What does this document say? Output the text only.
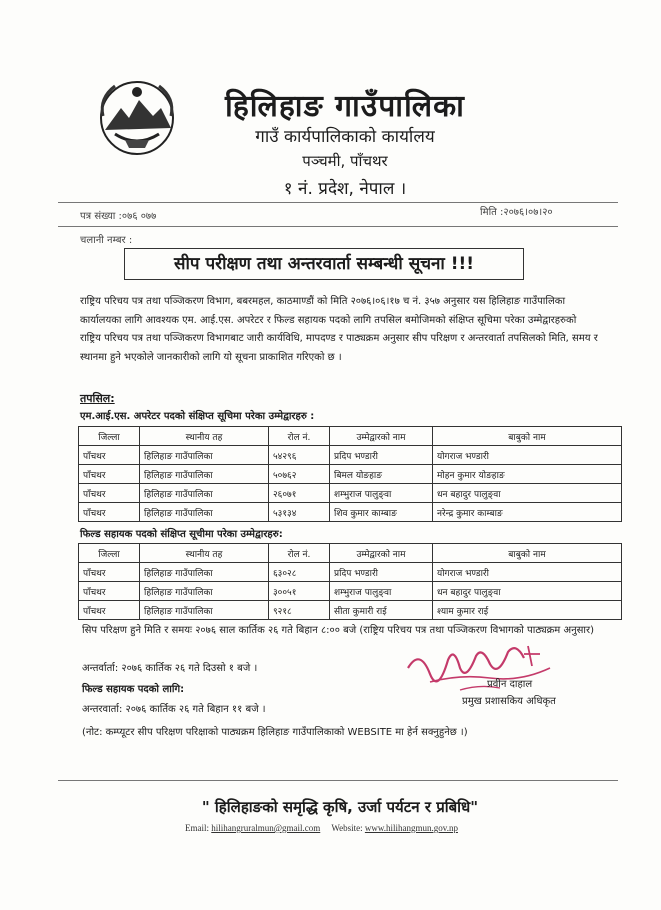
हिलिहाङ गाउँपालिका
गाउँ कार्यपालिकाको कार्यालय
पञ्चमी, पाँचथर
१ नं. प्रदेश, नेपाल ।
पत्र संख्या :०७६ ०७७
चलानी नम्बर :
मिति :२०७६।०७।२०
सीप परीक्षण तथा अन्तरवार्ता सम्बन्धी सूचना !!!
राष्ट्रिय परिचय पत्र तथा पञ्जिकरण विभाग, बबरमहल, काठमाण्डौं को मिति २०७६।०६।१७ च नं. ३५७ अनुसार यस हिलिहाङ गाउँपालिका कार्यालयका लागि आवश्यक एम. आई.एस. अपरेटर र फिल्ड सहायक पदको लागि तपसिल बमोजिमको संक्षिप्त सूचिमा परेका उम्मेद्वारहरुको राष्ट्रिय परिचय पत्र तथा पञ्जिकरण विभागबाट जारी कार्यविधि, मापदण्ड र पाठ्यक्रम अनुसार सीप परिक्षण र अन्तरवार्ता तपसिलको मिति, समय र स्थानमा हुने भएकोले जानकारीको लागि यो सूचना प्राकाशित गरिएको छ ।
तपसिल:
एम.आई.एस. अपरेटर पदको संक्षिप्त सूचिमा परेका उम्मेद्वारहरु :
जिल्ला	स्थानीय तह	रोल नं.	उम्मेद्वारको नाम	बाबुको नाम
पाँचथर	हिलिहाङ गाउँपालिका	५४२९६	प्रदिप भण्डारी	योगराज भण्डारी
पाँचथर	हिलिहाङ गाउँपालिका	५०७६२	बिमल योङहाङ	मोहन कुमार योङहाङ
पाँचथर	हिलिहाङ गाउँपालिका	२६०७१	शम्भुराज पालुङ्वा	धन बहादुर पालुङ्वा
पाँचथर	हिलिहाङ गाउँपालिका	५३१३४	शिव कुमार काम्बाङ	नरेन्द्र कुमार काम्बाङ
फिल्ड सहायक पदको संक्षिप्त सूचीमा परेका उम्मेद्वारहरु:
जिल्ला	स्थानीय तह	रोल नं.	उम्मेद्वारको नाम	बाबुको नाम
पाँचथर	हिलिहाङ गाउँपालिका	६३०२८	प्रदिप भण्डारी	योगराज भण्डारी
पाँचथर	हिलिहाङ गाउँपालिका	३००५१	शम्भुराज पालुङ्वा	धन बहादुर पालुङ्वा
पाँचथर	हिलिहाङ गाउँपालिका	९२१८	सीता कुमारी राई	श्याम कुमार राई
सिप परिक्षण हुने मिति र समयः २०७६ साल कार्तिक २६ गते बिहान ८:०० बजे (राष्ट्रिय परिचय पत्र तथा पञ्जिकरण विभागको पाठ्यक्रम अनुसार)
अन्तर्वार्ता: २०७६ कार्तिक २६ गते दिउसो १ बजे ।
फिल्ड सहायक पदको लागि:
अन्तरवार्ता: २०७६ कार्तिक २६ गते बिहान ११ बजे ।
(नोट: कम्प्यूटर सीप परिक्षण परिक्षाको पाठ्यक्रम हिलिहाङ गाउँपालिकाको WEBSITE मा हेर्न सक्नुहुनेछ ।)
प्रवीन दाहाल
प्रमुख प्रशासकिय अधिकृत
" हिलिहाङको समृद्धि कृषि, उर्जा पर्यटन र प्रबिधि"
Email: hilihangruralmun@gmail.com Website: www.hilihangmun.gov.np
